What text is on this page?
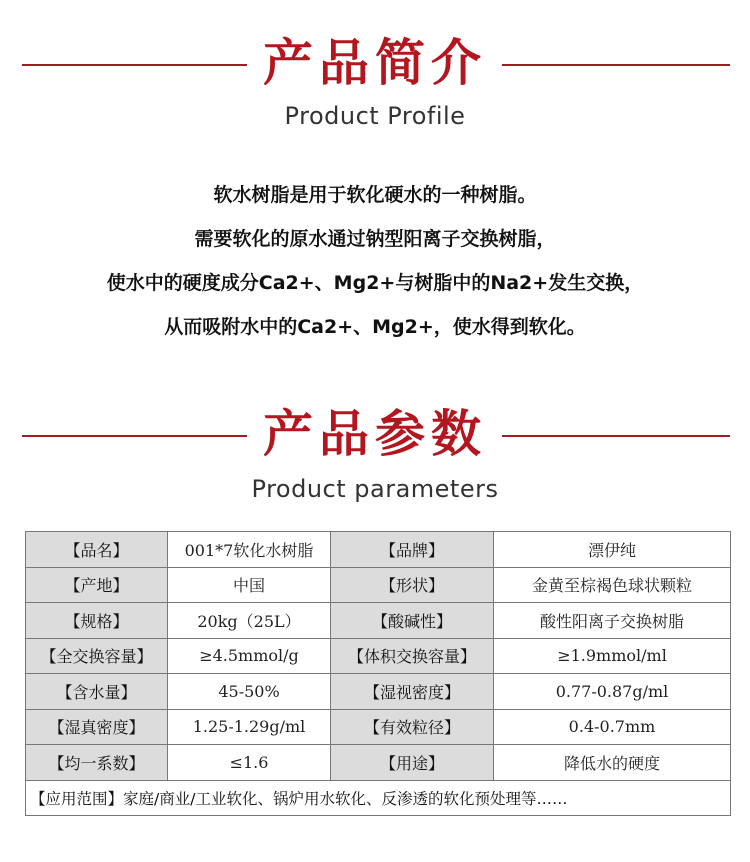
产品简介
Product Profile
软水树脂是用于软化硬水的一种树脂。
需要软化的原水通过钠型阳离子交换树脂，
使水中的硬度成分Ca2+、Mg2+与树脂中的Na2+发生交换，
从而吸附水中的Ca2+、Mg2+，使水得到软化。
产品参数
Product parameters
【品名】	001*7软化水树脂	【品牌】	漂伊纯
【产地】	中国	【形状】	金黄至棕褐色球状颗粒
【规格】	20kg（25L）	【酸碱性】	酸性阳离子交换树脂
【全交换容量】	≥4.5mmol/g	【体积交换容量】	≥1.9mmol/ml
【含水量】	45-50%	【湿视密度】	0.77-0.87g/ml
【湿真密度】	1.25-1.29g/ml	【有效粒径】	0.4-0.7mm
【均一系数】	≤1.6	【用途】	降低水的硬度
【应用范围】家庭/商业/工业软化、锅炉用水软化、反渗透的软化预处理等……			
